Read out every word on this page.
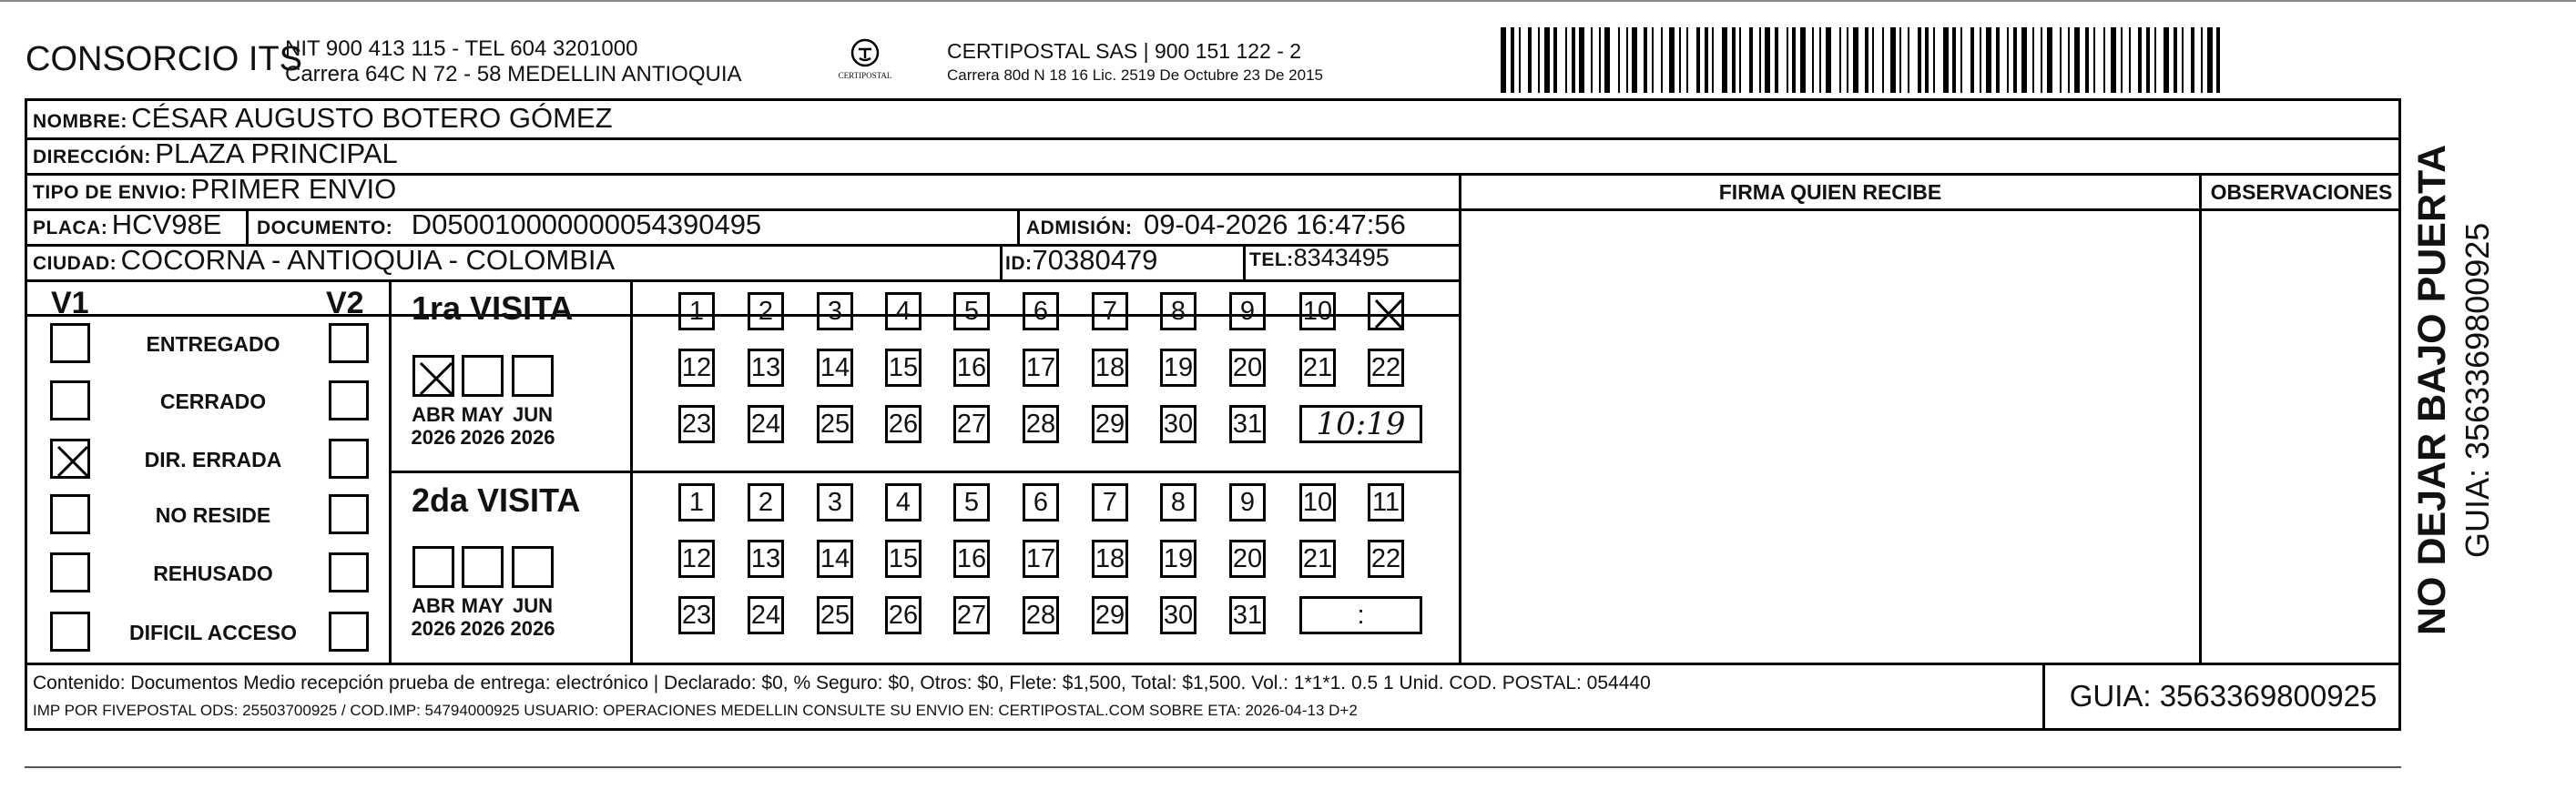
CONSORCIO ITS
NIT 900 413 115 - TEL 604 3201000
Carrera 64C N 72 - 58 MEDELLIN ANTIOQUIA	CERTIPOSTAL
CERTIPOSTAL SAS | 900 151 122 - 2
Carrera 80d N 18 16 Lic. 2519 De Octubre 23 De 2015
NOMBRE: CÉSAR AUGUSTO BOTERO GÓMEZ
DIRECCIÓN: PLAZA PRINCIPAL
TIPO DE ENVIO: PRIMER ENVIO
PLACA: HCV98E DOCUMENTO: D050010000000054390495	ADMISIÓN: 09-04-2026 16:47:56
CIUDAD: COCORNA - ANTIOQUIA - COLOMBIA	ID:70380479	TEL:8343495
FIRMA QUIEN RECIBE	OBSERVACIONES
V1	V2
ENTREGADO
CERRADO
DIR. ERRADA
NO RESIDE
REHUSADO
DIFICIL ACCESO
1ra VISITA
ABR
2026
MAY
2026
JUN
2026
1	2	3	4	5	6	7	8	9	10
12 13 14 15 16 17 18 19 20 21 22
23 24 25 26 27 28 29 30 31	10:19
2da VISITA
ABR
2026
MAY
2026
JUN
2026
1	2	3	4	5	6	7	8	9	10 11
12 13 14 15 16 17 18 19 20 21 22
23 24 25 26 27 28 29 30 31	:
Contenido: Documentos Medio recepción prueba de entrega: electrónico | Declarado: $0, % Seguro: $0, Otros: $0, Flete: $1,500, Total: $1,500. Vol.: 1*1*1. 0.5 1 Unid. COD. POSTAL: 054440
IMP POR FIVEPOSTAL ODS: 25503700925 / COD.IMP: 54794000925 USUARIO: OPERACIONES MEDELLIN CONSULTE SU ENVIO EN: CERTIPOSTAL.COM SOBRE ETA: 2026-04-13 D+2	GUIA: 3563369800925
NO DEJAR BAJO PUERTA GUIA: 3563369800925
